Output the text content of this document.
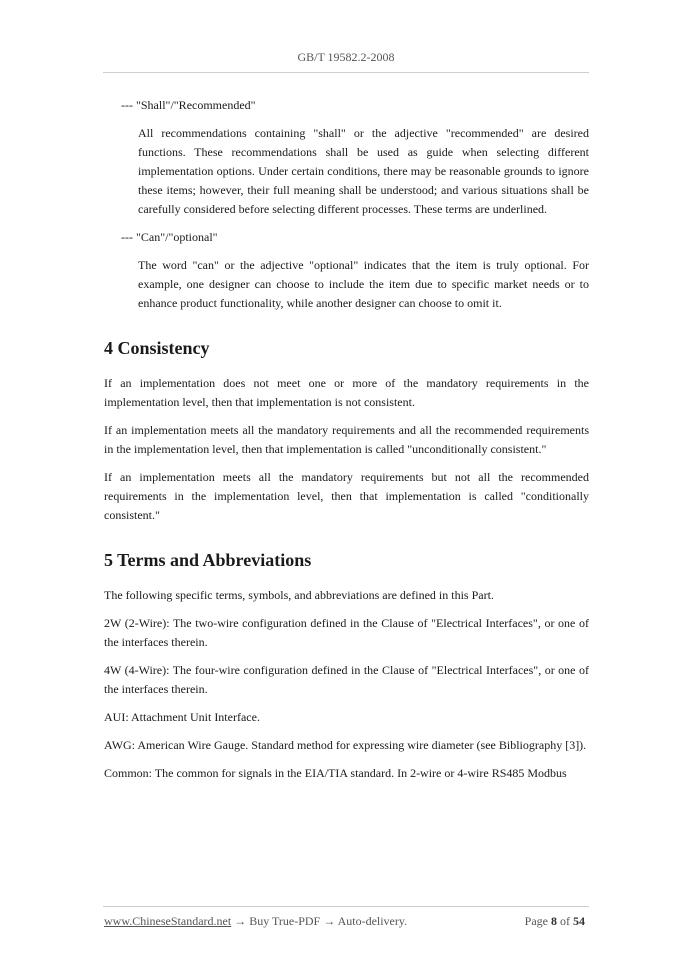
GB/T 19582.2-2008

--- "Shall"/"Recommended"

All recommendations containing "shall" or the adjective "recommended" are desired functions. These recommendations shall be used as guide when selecting different implementation options. Under certain conditions, there may be reasonable grounds to ignore these items; however, their full meaning shall be understood; and various situations shall be carefully considered before selecting different processes. These terms are underlined.

--- "Can"/"optional"

The word "can" or the adjective "optional" indicates that the item is truly optional. For example, one designer can choose to include the item due to specific market needs or to enhance product functionality, while another designer can choose to omit it.

4 Consistency

If an implementation does not meet one or more of the mandatory requirements in the implementation level, then that implementation is not consistent.

If an implementation meets all the mandatory requirements and all the recommended requirements in the implementation level, then that implementation is called "unconditionally consistent."

If an implementation meets all the mandatory requirements but not all the recommended requirements in the implementation level, then that implementation is called "conditionally consistent."

5 Terms and Abbreviations

The following specific terms, symbols, and abbreviations are defined in this Part.

2W (2-Wire): The two-wire configuration defined in the Clause of "Electrical Interfaces", or one of the interfaces therein.

4W (4-Wire): The four-wire configuration defined in the Clause of "Electrical Interfaces", or one of the interfaces therein.

AUI: Attachment Unit Interface.

AWG: American Wire Gauge. Standard method for expressing wire diameter (see Bibliography [3]).

Common: The common for signals in the EIA/TIA standard. In 2-wire or 4-wire RS485 Modbus

www.ChineseStandard.net → Buy True-PDF → Auto-delivery.	Page 8 of 54
